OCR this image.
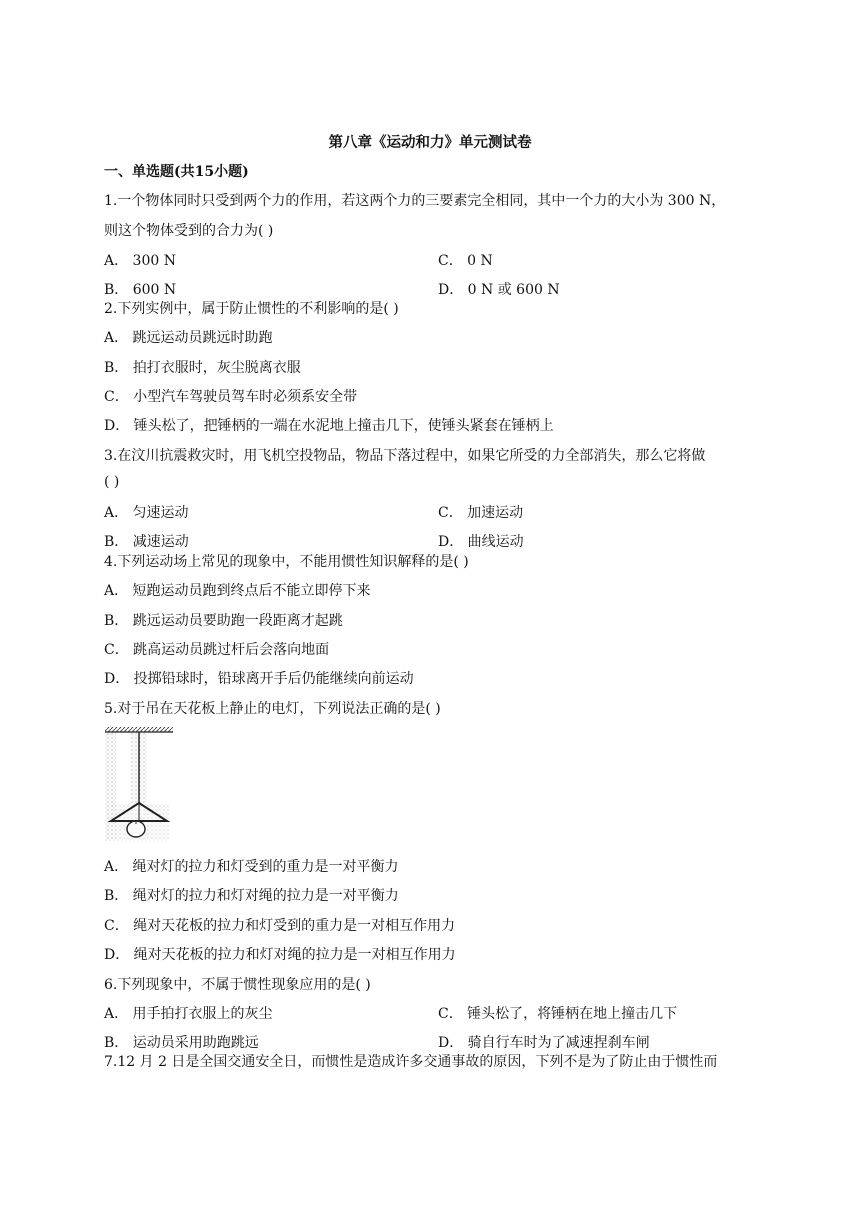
第八章《运动和力》单元测试卷
一、单选题(共15小题)
1.一个物体同时只受到两个力的作用，若这两个力的三要素完全相同，其中一个力的大小为 300 N，
则这个物体受到的合力为( )
A． 300 N	C． 0 N
B． 600 N	D． 0 N 或 600 N
2.下列实例中，属于防止惯性的不利影响的是( )
A． 跳远运动员跳远时助跑
B． 拍打衣服时，灰尘脱离衣服
C． 小型汽车驾驶员驾车时必须系安全带
D． 锤头松了，把锤柄的一端在水泥地上撞击几下，使锤头紧套在锤柄上
3.在汶川抗震救灾时，用飞机空投物品，物品下落过程中，如果它所受的力全部消失，那么它将做
( )
A． 匀速运动	C． 加速运动
B． 减速运动	D． 曲线运动
4.下列运动场上常见的现象中，不能用惯性知识解释的是( )
A． 短跑运动员跑到终点后不能立即停下来
B． 跳远运动员要助跑一段距离才起跳
C． 跳高运动员跳过杆后会落向地面
D． 投掷铅球时，铅球离开手后仍能继续向前运动
5.对于吊在天花板上静止的电灯，下列说法正确的是( )
A． 绳对灯的拉力和灯受到的重力是一对平衡力
B． 绳对灯的拉力和灯对绳的拉力是一对平衡力
C． 绳对天花板的拉力和灯受到的重力是一对相互作用力
D． 绳对天花板的拉力和灯对绳的拉力是一对相互作用力
6.下列现象中，不属于惯性现象应用的是( )
A． 用手拍打衣服上的灰尘	C． 锤头松了，将锤柄在地上撞击几下
B． 运动员采用助跑跳远	D． 骑自行车时为了减速捏刹车闸
7.12 月 2 日是全国交通安全日，而惯性是造成许多交通事故的原因，下列不是为了防止由于惯性而
